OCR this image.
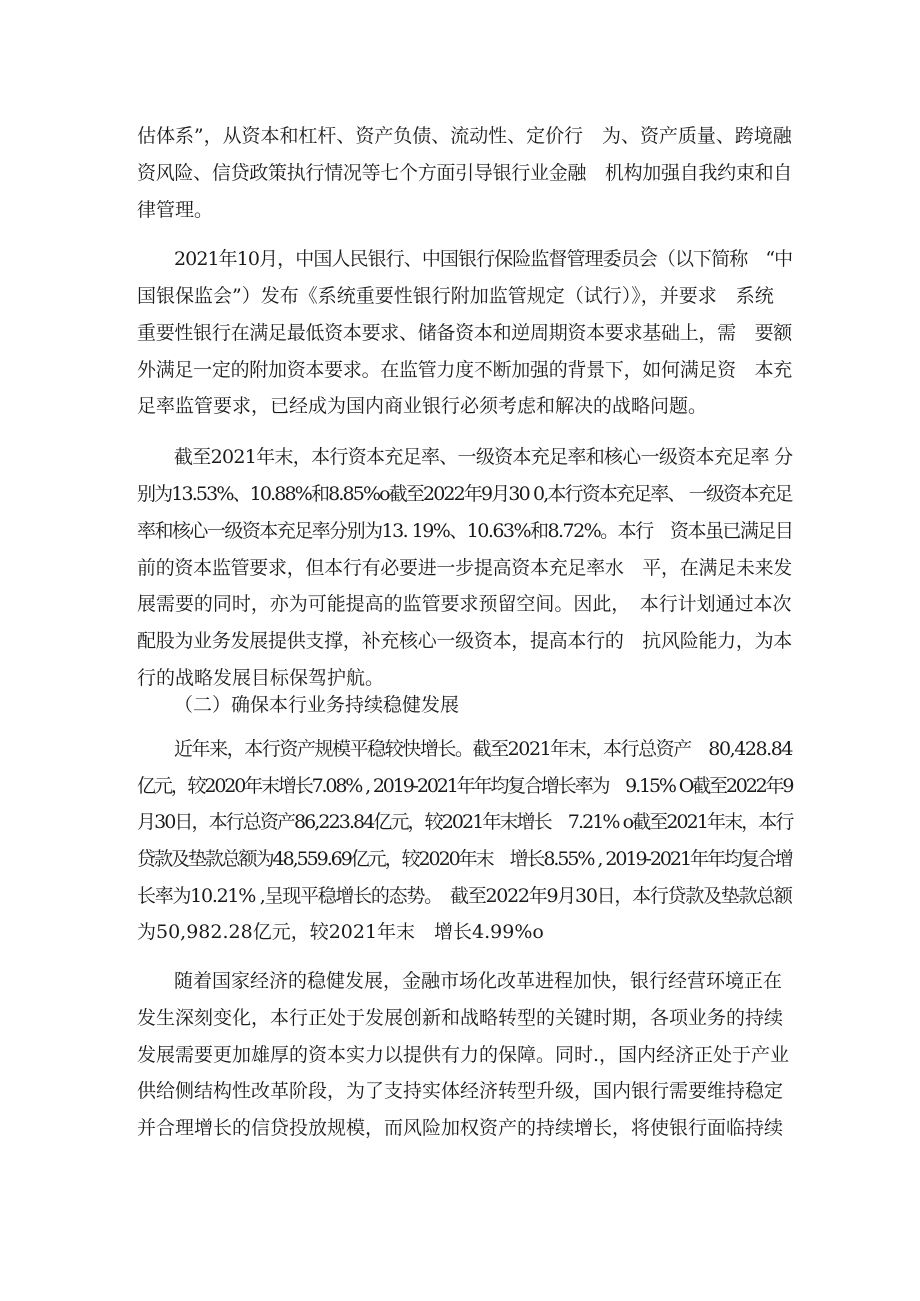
估体系”，从资本和杠杆、资产负债、流动性、定价行　为、资产质量、跨境融
资风险、信贷政策执行情况等七个方面引导银行业金融　机构加强自我约束和自
律管理。
2021年10月，中国人民银行、中国银行保险监督管理委员会（以下简称　“中
国银保监会”）发布《系统重要性银行附加监管规定（试行）》，并要求　系统
重要性银行在满足最低资本要求、储备资本和逆周期资本要求基础上，需　要额
外满足一定的附加资本要求。在监管力度不断加强的背景下，如何满足资　本充
足率监管要求，已经成为国内商业银行必须考虑和解决的战略问题。
截至2021年末，本行资本充足率、一级资本充足率和核心一级资本充足率 分
别为13.53%、10.88%和8.85%o截至2022年9月30 0,本行资本充足率、 一级资本充足
率和核心一级资本充足率分别为13. 19%、10.63%和8.72%。本行　资本虽已满足目
前的资本监管要求，但本行有必要进一步提高资本充足率水　平，在满足未来发
展需要的同时，亦为可能提高的监管要求预留空间。因此，　本行计划通过本次
配股为业务发展提供支撑，补充核心一级资本，提高本行的　抗风险能力，为本
行的战略发展目标保驾护航。
（二）确保本行业务持续稳健发展
近年来，本行资产规模平稳较快增长。截至2021年末，本行总资产　80,428.84
亿元，较2020年末增长7.08% , 2019-2021年年均复合增长率为　9.15% O截至2022年9
月30日，本行总资产86,223.84亿元，较2021年末增长　7.21% o截至2021年末，本行
贷款及垫款总额为48,559.69亿元，较2020年末　增长8.55% , 2019-2021年年均复合增
长率为10.21% ,呈现平稳增长的态势。　截至2022年9月30日，本行贷款及垫款总额
为50,982.28亿元，较2021年末　增长4.99%o
随着国家经济的稳健发展，金融市场化改革进程加快，银行经营环境正在
发生深刻变化，本行正处于发展创新和战略转型的关键时期，各项业务的持续
发展需要更加雄厚的资本实力以提供有力的保障。同时.，国内经济正处于产业
供给侧结构性改革阶段，为了支持实体经济转型升级，国内银行需要维持稳定
并合理增长的信贷投放规模，而风险加权资产的持续增长，将使银行面临持续
